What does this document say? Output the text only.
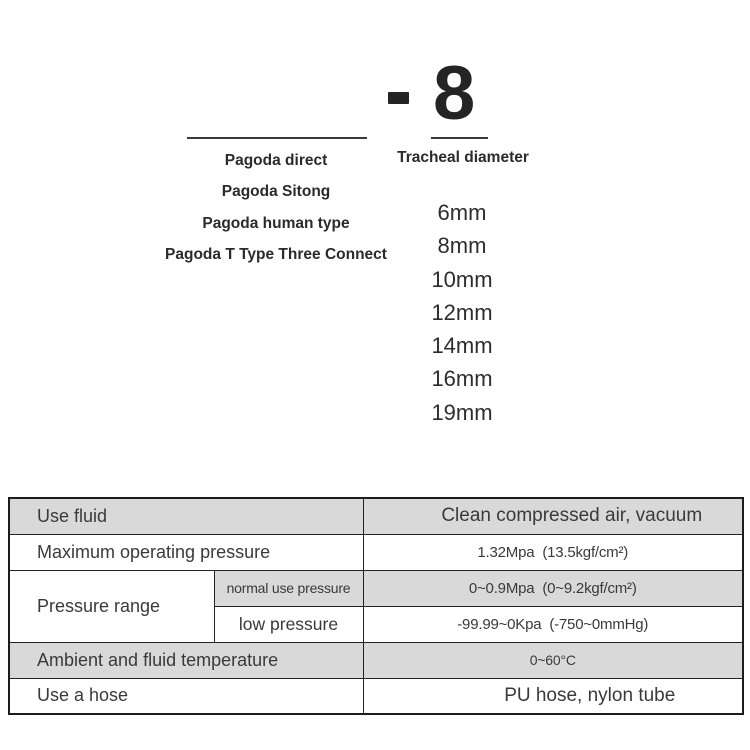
8
Tracheal diameter
Pagoda direct
Pagoda Sitong
Pagoda human type
Pagoda T Type Three Connect
6mm
8mm
10mm
12mm
14mm
16mm
19mm
Use fluid		Clean compressed air, vacuum
Maximum operating pressure		1.32Mpa  (13.5kgf/cm²)
Pressure range	normal use pressure	0~0.9Mpa  (0~9.2kgf/cm²)
	low pressure	-99.99~0Kpa  (-750~0mmHg)
Ambient and fluid temperature		0~60°C
Use a hose		PU hose, nylon tube
